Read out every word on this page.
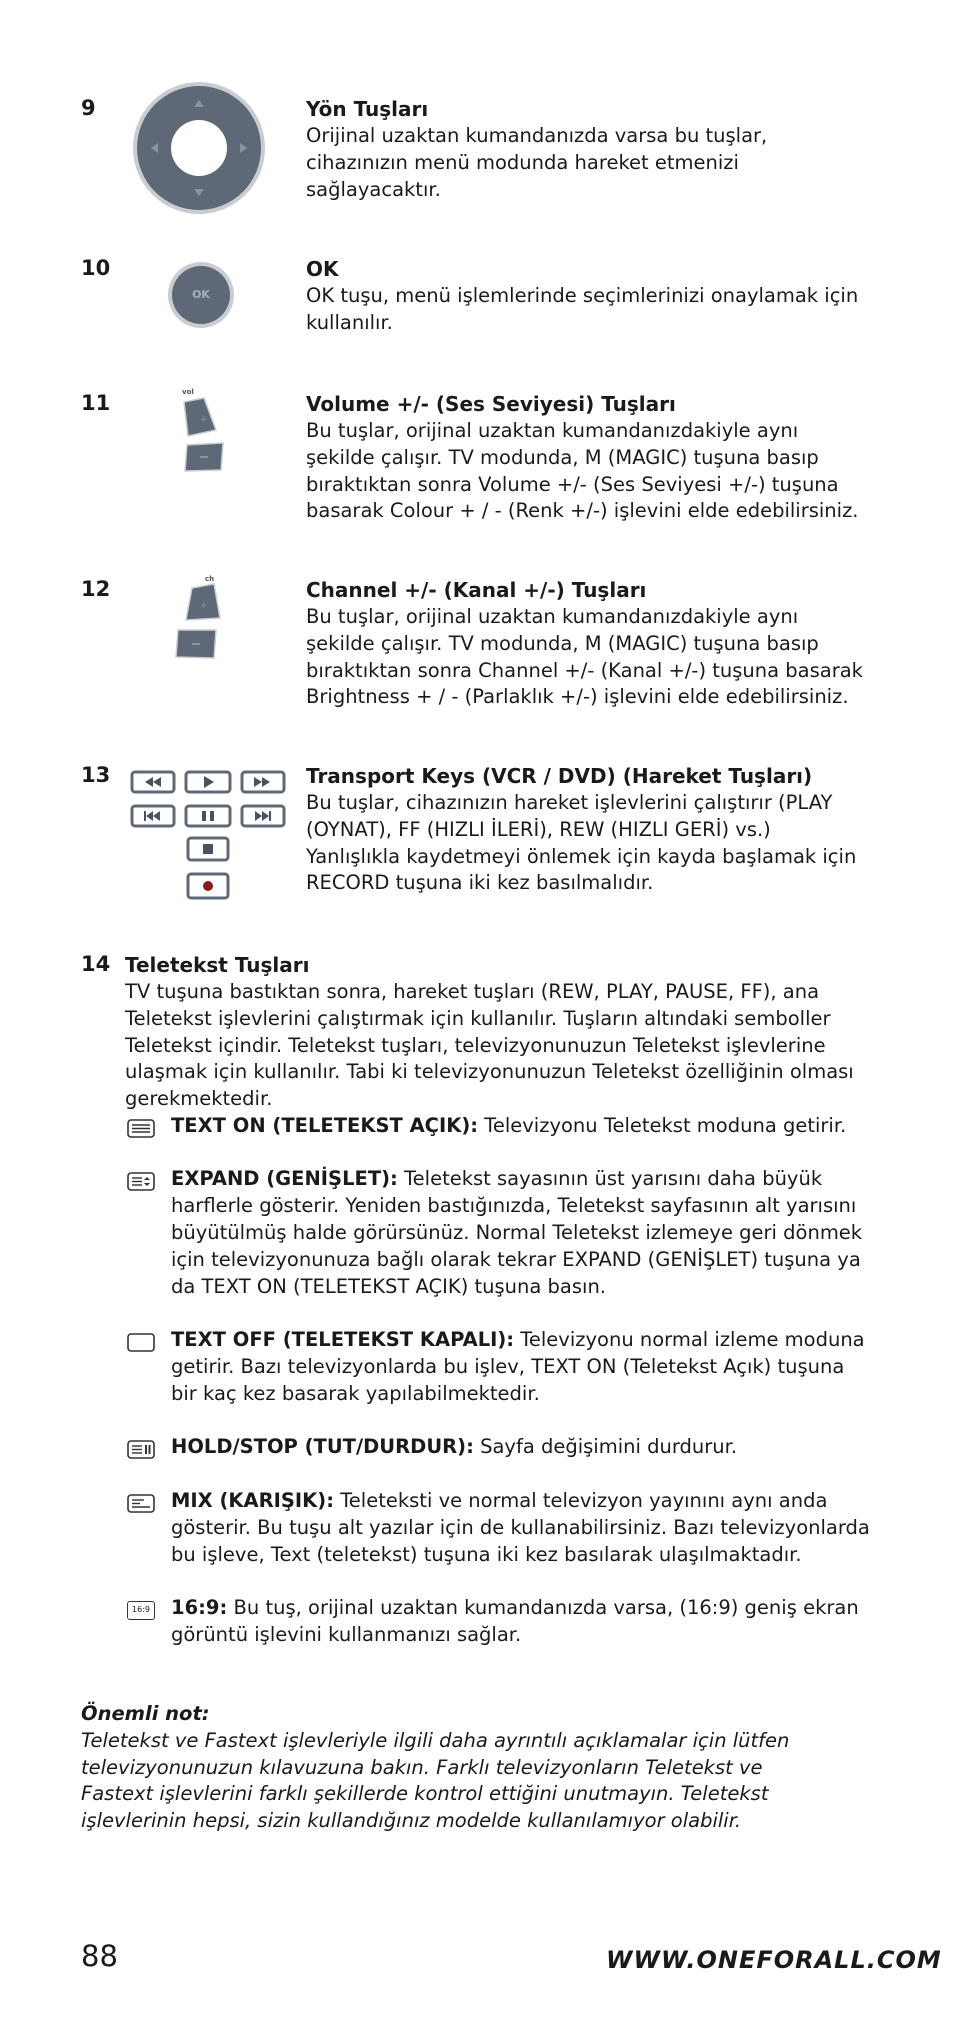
9	Yön Tuşları
Orijinal uzaktan kumandanızda varsa bu tuşlar, cihazınızın menü modunda hareket etmenizi sağlayacaktır.
10
OK
OK
OK tuşu, menü işlemlerinde seçimlerinizi onaylamak için kullanılır.
11	vol
+
Volume +/- (Ses Seviyesi) Tuşları
Bu tuşlar, orijinal uzaktan kumandanızdakiyle aynı şekilde çalışır. TV modunda, M (MAGIC) tuşuna basıp bıraktıktan sonra Volume +/- (Ses Seviyesi +/-) tuşuna basarak Colour + / - (Renk +/-) işlevini elde edebilirsiniz.
12	ch
+
Channel +/- (Kanal +/-) Tuşları
Bu tuşlar, orijinal uzaktan kumandanızdakiyle aynı şekilde çalışır. TV modunda, M (MAGIC) tuşuna basıp bıraktıktan sonra Channel +/- (Kanal +/-) tuşuna basarak Brightness + / - (Parlaklık +/-) işlevini elde edebilirsiniz.
13	Transport Keys (VCR / DVD) (Hareket Tuşları)
Bu tuşlar, cihazınızın hareket işlevlerini çalıştırır (PLAY (OYNAT), FF (HIZLI İLERİ), REW (HIZLI GERİ) vs.) Yanlışlıkla kaydetmeyi önlemek için kayda başlamak için RECORD tuşuna iki kez basılmalıdır.
14 Teletekst Tuşları
TV tuşuna bastıktan sonra, hareket tuşları (REW, PLAY, PAUSE, FF), ana Teletekst işlevlerini çalıştırmak için kullanılır. Tuşların altındaki semboller Teletekst içindir. Teletekst tuşları, televizyonunuzun Teletekst işlevlerine ulaşmak için kullanılır. Tabi ki televizyonunuzun Teletekst özelliğinin olması gerekmektedir.
TEXT ON (TELETEKST AÇIK): Televizyonu Teletekst moduna getirir.
EXPAND (GENİŞLET): Teletekst sayasının üst yarısını daha büyük harflerle gösterir. Yeniden bastığınızda, Teletekst sayfasının alt yarısını büyütülmüş halde görürsünüz. Normal Teletekst izlemeye geri dönmek için televizyonunuza bağlı olarak tekrar EXPAND (GENİŞLET) tuşuna ya da TEXT ON (TELETEKST AÇIK) tuşuna basın.
TEXT OFF (TELETEKST KAPALI): Televizyonu normal izleme moduna getirir. Bazı televizyonlarda bu işlev, TEXT ON (Teletekst Açık) tuşuna bir kaç kez basarak yapılabilmektedir.
HOLD/STOP (TUT/DURDUR): Sayfa değişimini durdurur.
MIX (KARIŞIK): Teleteksti ve normal televizyon yayınını aynı anda gösterir. Bu tuşu alt yazılar için de kullanabilirsiniz. Bazı televizyonlarda bu işleve, Text (teletekst) tuşuna iki kez basılarak ulaşılmaktadır.
16:9 16:9: Bu tuş, orijinal uzaktan kumandanızda varsa, (16:9) geniş ekran görüntü işlevini kullanmanızı sağlar.
Önemli not:
Teletekst ve Fastext işlevleriyle ilgili daha ayrıntılı açıklamalar için lütfen televizyonunuzun kılavuzuna bakın. Farklı televizyonların Teletekst ve Fastext işlevlerini farklı şekillerde kontrol ettiğini unutmayın. Teletekst işlevlerinin hepsi, sizin kullandığınız modelde kullanılamıyor olabilir.
88	WWW.ONEFORALL.COM
